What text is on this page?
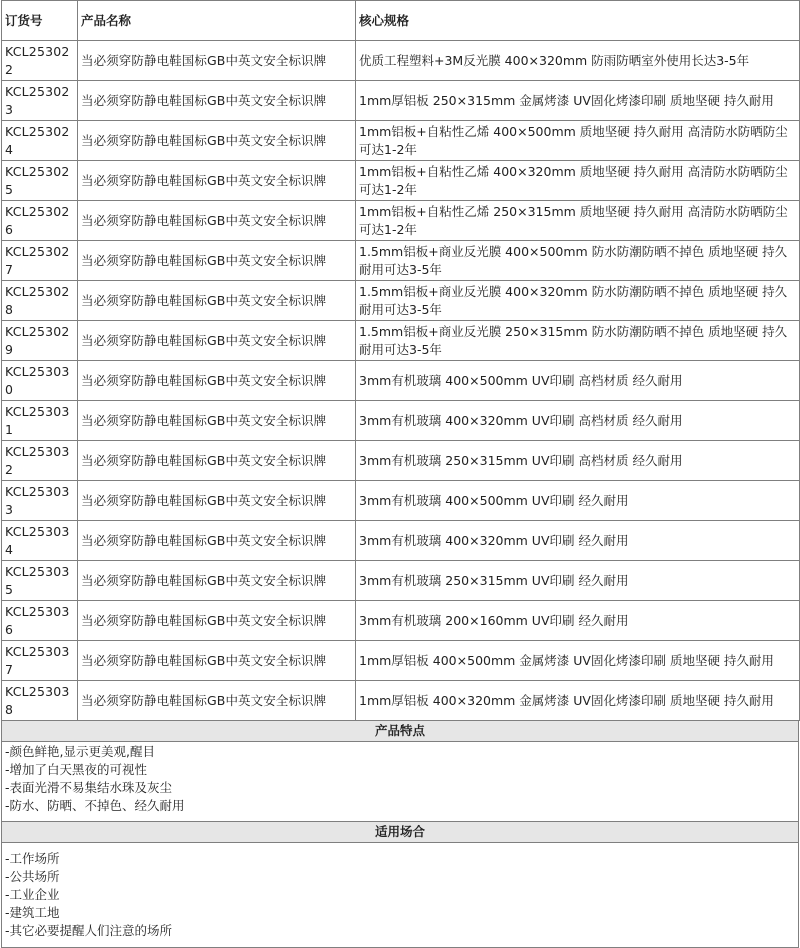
订货号	产品名称	核心规格
KCL253022	当必须穿防静电鞋国标GB中英文安全标识牌	优质工程塑料+3M反光膜 400×320mm 防雨防晒室外使用长达3-5年
KCL253023	当必须穿防静电鞋国标GB中英文安全标识牌	1mm厚铝板 250×315mm 金属烤漆 UV固化烤漆印刷 质地坚硬 持久耐用
KCL253024	当必须穿防静电鞋国标GB中英文安全标识牌	1mm铝板+自粘性乙烯 400×500mm 质地坚硬 持久耐用 高清防水防晒防尘可达1-2年
KCL253025	当必须穿防静电鞋国标GB中英文安全标识牌	1mm铝板+自粘性乙烯 400×320mm 质地坚硬 持久耐用 高清防水防晒防尘可达1-2年
KCL253026	当必须穿防静电鞋国标GB中英文安全标识牌	1mm铝板+自粘性乙烯 250×315mm 质地坚硬 持久耐用 高清防水防晒防尘可达1-2年
KCL253027	当必须穿防静电鞋国标GB中英文安全标识牌	1.5mm铝板+商业反光膜 400×500mm 防水防潮防晒不掉色 质地坚硬 持久耐用可达3-5年
KCL253028	当必须穿防静电鞋国标GB中英文安全标识牌	1.5mm铝板+商业反光膜 400×320mm 防水防潮防晒不掉色 质地坚硬 持久耐用可达3-5年
KCL253029	当必须穿防静电鞋国标GB中英文安全标识牌	1.5mm铝板+商业反光膜 250×315mm 防水防潮防晒不掉色 质地坚硬 持久耐用可达3-5年
KCL253030	当必须穿防静电鞋国标GB中英文安全标识牌	3mm有机玻璃 400×500mm UV印刷 高档材质 经久耐用
KCL253031	当必须穿防静电鞋国标GB中英文安全标识牌	3mm有机玻璃 400×320mm UV印刷 高档材质 经久耐用
KCL253032	当必须穿防静电鞋国标GB中英文安全标识牌	3mm有机玻璃 250×315mm UV印刷 高档材质 经久耐用
KCL253033	当必须穿防静电鞋国标GB中英文安全标识牌	3mm有机玻璃 400×500mm UV印刷 经久耐用
KCL253034	当必须穿防静电鞋国标GB中英文安全标识牌	3mm有机玻璃 400×320mm UV印刷 经久耐用
KCL253035	当必须穿防静电鞋国标GB中英文安全标识牌	3mm有机玻璃 250×315mm UV印刷 经久耐用
KCL253036	当必须穿防静电鞋国标GB中英文安全标识牌	3mm有机玻璃 200×160mm UV印刷 经久耐用
KCL253037	当必须穿防静电鞋国标GB中英文安全标识牌	1mm厚铝板 400×500mm 金属烤漆 UV固化烤漆印刷 质地坚硬 持久耐用
KCL253038	当必须穿防静电鞋国标GB中英文安全标识牌	1mm厚铝板 400×320mm 金属烤漆 UV固化烤漆印刷 质地坚硬 持久耐用
产品特点
-颜色鲜艳,显示更美观,醒目
-增加了白天黑夜的可视性
-表面光滑不易集结水珠及灰尘
-防水、防晒、不掉色、经久耐用
适用场合
-工作场所
-公共场所
-工业企业
-建筑工地
-其它必要提醒人们注意的场所
